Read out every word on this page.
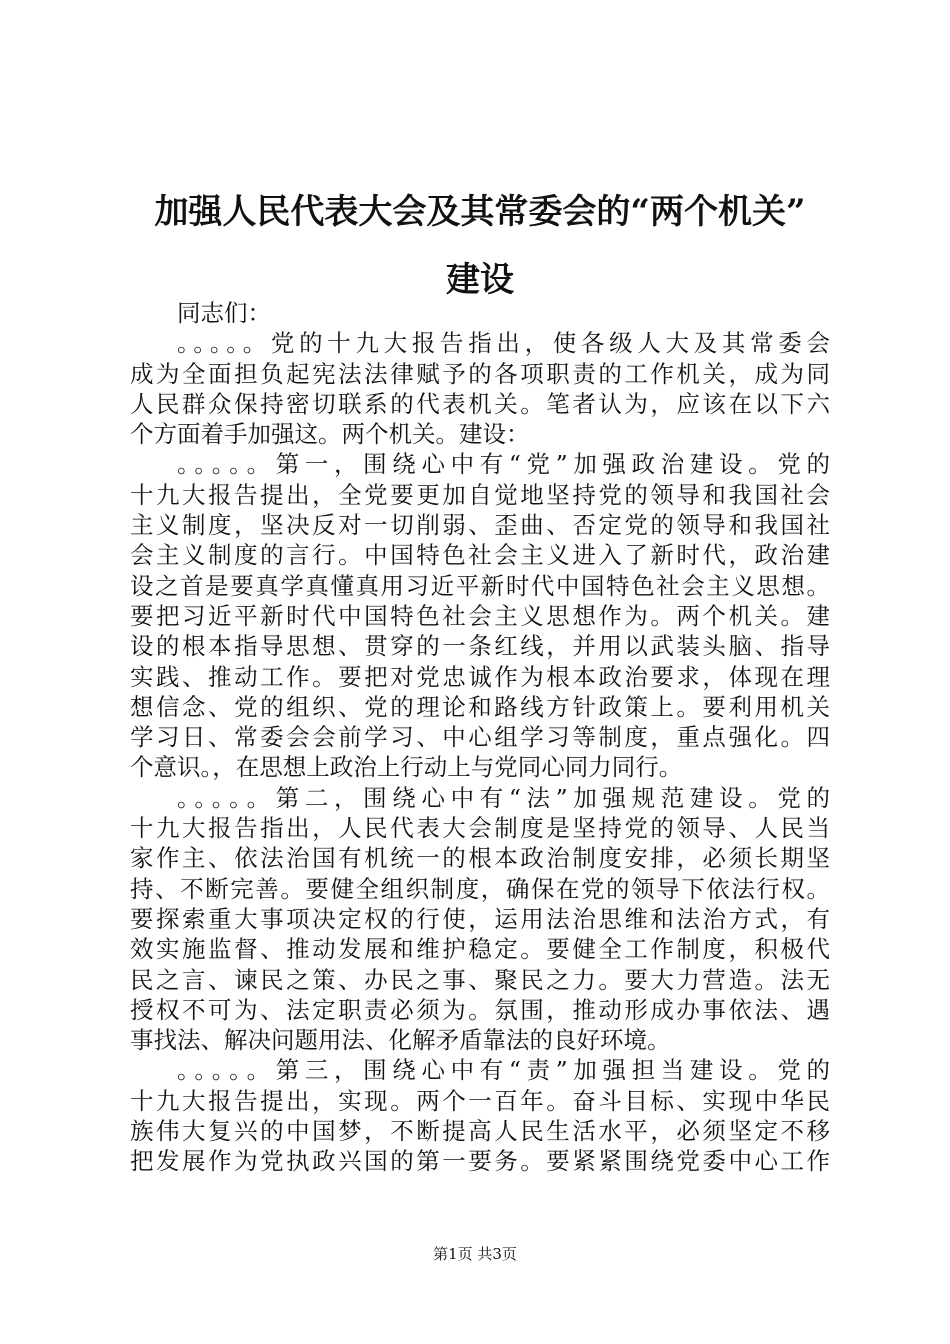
加强人民代表大会及其常委会的“两个机关”
建设

同志们：

。。。。。党的十九大报告指出，使各级人大及其常委会
成为全面担负起宪法法律赋予的各项职责的工作机关，成为同
人民群众保持密切联系的代表机关。笔者认为，应该在以下六
个方面着手加强这。两个机关。建设：

。。。。。第一，围绕心中有“党”加强政治建设。党的
十九大报告提出，全党要更加自觉地坚持党的领导和我国社会
主义制度，坚决反对一切削弱、歪曲、否定党的领导和我国社
会主义制度的言行。中国特色社会主义进入了新时代，政治建
设之首是要真学真懂真用习近平新时代中国特色社会主义思想。
要把习近平新时代中国特色社会主义思想作为。两个机关。建
设的根本指导思想、贯穿的一条红线，并用以武装头脑、指导
实践、推动工作。要把对党忠诚作为根本政治要求，体现在理
想信念、党的组织、党的理论和路线方针政策上。要利用机关
学习日、常委会会前学习、中心组学习等制度，重点强化。四
个意识。，在思想上政治上行动上与党同心同力同行。

。。。。。第二，围绕心中有“法”加强规范建设。党的
十九大报告指出，人民代表大会制度是坚持党的领导、人民当
家作主、依法治国有机统一的根本政治制度安排，必须长期坚
持、不断完善。要健全组织制度，确保在党的领导下依法行权。
要探索重大事项决定权的行使，运用法治思维和法治方式，有
效实施监督、推动发展和维护稳定。要健全工作制度，积极代
民之言、谏民之策、办民之事、聚民之力。要大力营造。法无
授权不可为、法定职责必须为。氛围，推动形成办事依法、遇
事找法、解决问题用法、化解矛盾靠法的良好环境。

。。。。。第三，围绕心中有“责”加强担当建设。党的
十九大报告提出，实现。两个一百年。奋斗目标、实现中华民
族伟大复兴的中国梦，不断提高人民生活水平，必须坚定不移
把发展作为党执政兴国的第一要务。要紧紧围绕党委中心工作

第1页 共3页
